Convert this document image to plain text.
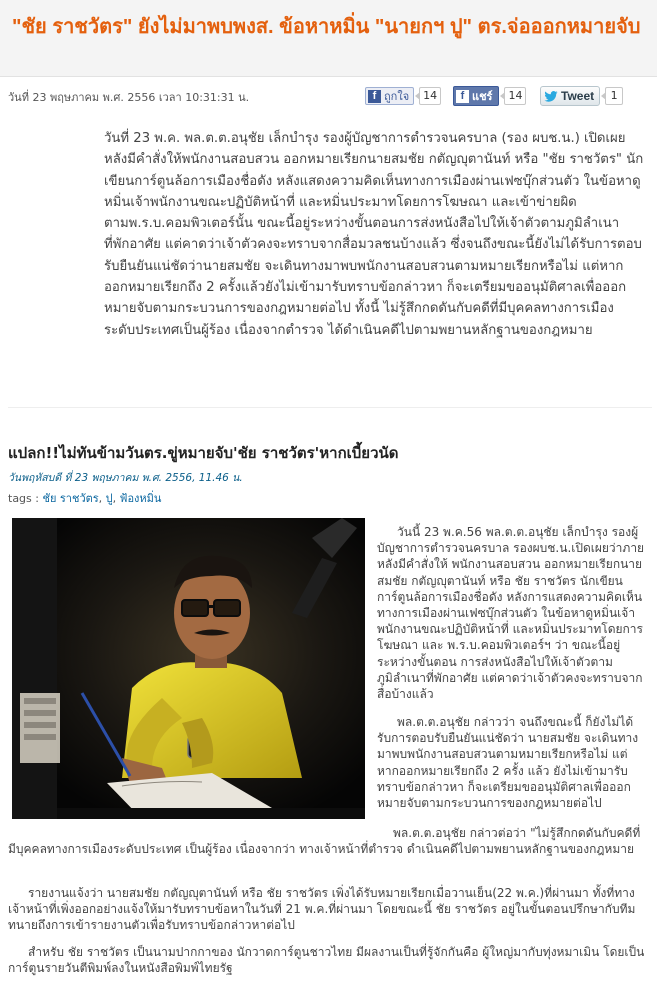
"ชัย ราชวัตร" ยังไม่มาพบพงส. ข้อหาหมิ่น "นายกฯ ปู" ตร.จ่อออกหมายจับ
วันที่ 23 พฤษภาคม พ.ศ. 2556 เวลา 10:31:31 น.	f ถูกใจ	14	f แชร์	14	Tweet	1

วันที่ 23 พ.ค. พล.ต.ต.อนุชัย เล็กบำรุง รองผู้บัญชาการตำรวจนครบาล (รอง ผบช.น.) เปิดเผยหลังมีคำสั่งให้พนักงานสอบสวน ออกหมายเรียกนายสมชัย กตัญญุตานันท์ หรือ "ชัย ราชวัตร" นักเขียนการ์ตูนล้อการเมืองชื่อดัง หลังแสดงความคิดเห็นทางการเมืองผ่านเฟซบุ๊กส่วนตัว ในข้อหาดูหมิ่นเจ้าพนักงานขณะปฏิบัติหน้าที่ และหมิ่นประมาทโดยการโฆษณา และเข้าข่ายผิดตามพ.ร.บ.คอมพิวเตอร์นั้น ขณะนี้อยู่ระหว่างขั้นตอนการส่งหนังสือไปให้เจ้าตัวตามภูมิลำเนาที่พักอาศัย แต่คาดว่าเจ้าตัวคงจะทราบจากสื่อมวลชนบ้างแล้ว ซึ่งจนถึงขณะนี้ยังไม่ได้รับการตอบรับยืนยันแน่ชัดว่านายสมชัย จะเดินทางมาพบพนักงานสอบสวนตามหมายเรียกหรือไม่ แต่หากออกหมายเรียกถึง 2 ครั้งแล้วยังไม่เข้ามารับทราบข้อกล่าวหา ก็จะเตรียมขออนุมัติศาลเพื่อออกหมายจับตามกระบวนการของกฎหมายต่อไป ทั้งนี้ ไม่รู้สึกกดดันกับคดีที่มีบุคคลทางการเมืองระดับประเทศเป็นผู้ร้อง เนื่องจากตำรวจ ได้ดำเนินคดีไปตามพยานหลักฐานของกฎหมาย

แปลก!!ไม่ทันข้ามวันตร.ขู่หมายจับ'ชัย ราชวัตร'หากเบี้ยวนัด
วันพฤหัสบดี ที่ 23 พฤษภาคม พ.ศ. 2556, 11.46 น.
tags : ชัย ราชวัตร, ปู, ฟ้องหมิ่น

วันนี้ 23 พ.ค.56 พล.ต.ต.อนุชัย เล็กบำรุง รองผู้บัญชาการตำรวจนครบาล รองผบช.น.เปิดเผยว่าภายหลังมีคำสั่งให้ พนักงานสอบสวน ออกหมายเรียกนายสมชัย กตัญญุตานันท์ หรือ ชัย ราชวัตร นักเขียนการ์ตูนล้อการเมืองชื่อดัง หลังการแสดงความคิดเห็นทางการเมืองผ่านเฟซบุ๊กส่วนตัว ในข้อหาดูหมิ่นเจ้าพนักงานขณะปฏิบัติหน้าที่ และหมิ่นประมาทโดยการโฆษณา และ พ.ร.บ.คอมพิวเตอร์ฯ ว่า ขณะนี้อยู่ระหว่างขั้นตอน การส่งหนังสือไปให้เจ้าตัวตามภูมิลำเนาที่พักอาศัย แต่คาดว่าเจ้าตัวคงจะทราบจากสื่อบ้างแล้ว

พล.ต.ต.อนุชัย กล่าวว่า จนถึงขณะนี้ ก็ยังไม่ได้รับการตอบรับยืนยันแน่ชัดว่า นายสมชัย จะเดินทางมาพบพนักงานสอบสวนตามหมายเรียกหรือไม่ แต่หากออกหมายเรียกถึง 2 ครั้ง แล้ว ยังไม่เข้ามารับทราบข้อกล่าวหา ก็จะเตรียมขออนุมัติศาลเพื่อออกหมายจับตามกระบวนการของกฎหมายต่อไป

พล.ต.ต.อนุชัย กล่าวต่อว่า "ไม่รู้สึกกดดันกับคดีที่มีบุคคลทางการเมืองระดับประเทศ เป็นผู้ร้อง เนื่องจากว่า ทางเจ้าหน้าที่ตำรวจ ดำเนินคดีไปตามพยานหลักฐานของกฎหมาย

รายงานแจ้งว่า นายสมชัย กตัญญุตานันท์ หรือ ชัย ราชวัตร เพิ่งได้รับหมายเรียกเมื่อวานเย็น(22 พ.ค.)ที่ผ่านมา ทั้งที่ทางเจ้าหน้าที่เพิ่งออกอย่างแจ้งให้มารับทราบข้อหาในวันที่ 21 พ.ค.ที่ผ่านมา โดยขณะนี้ ชัย ราชวัตร อยู่ในขั้นตอนปรึกษากับทีมทนายถึงการเข้ารายงานตัวเพื่อรับทราบข้อกล่าวหาต่อไป

สำหรับ ชัย ราชวัตร เป็นนามปากกาของ นักวาดการ์ตูนชาวไทย มีผลงานเป็นที่รู้จักกันคือ ผู้ใหญ่มากับทุ่งหมาเมิน โดยเป็นการ์ตูนรายวันตีพิมพ์ลงในหนังสือพิมพ์ไทยรัฐ
